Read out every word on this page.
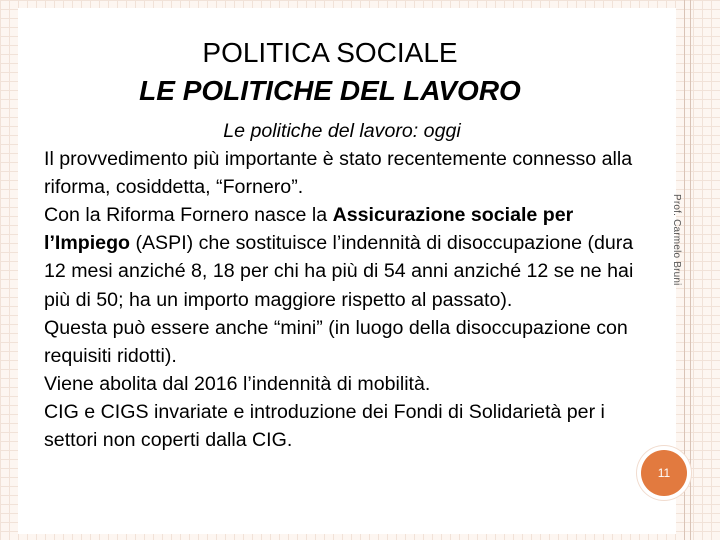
POLITICA SOCIALE
LE POLITICHE DEL LAVORO
Le politiche del lavoro: oggi

Il provvedimento più importante è stato recentemente connesso alla riforma, cosiddetta, “Fornero”.

Con la Riforma Fornero nasce la Assicurazione sociale per l’Impiego (ASPI) che sostituisce l’indennità di disoccupazione (dura 12 mesi anziché 8, 18 per chi ha più di 54 anni anziché 12 se ne hai più di 50; ha un importo maggiore rispetto al passato).

Questa può essere anche “mini” (in luogo della disoccupazione con requisiti ridotti).

Viene abolita dal 2016 l’indennità di mobilità.

CIG e CIGS invariate e introduzione dei Fondi di Solidarietà per i settori non coperti dalla CIG.

Prof. Carmelo Bruni
11
